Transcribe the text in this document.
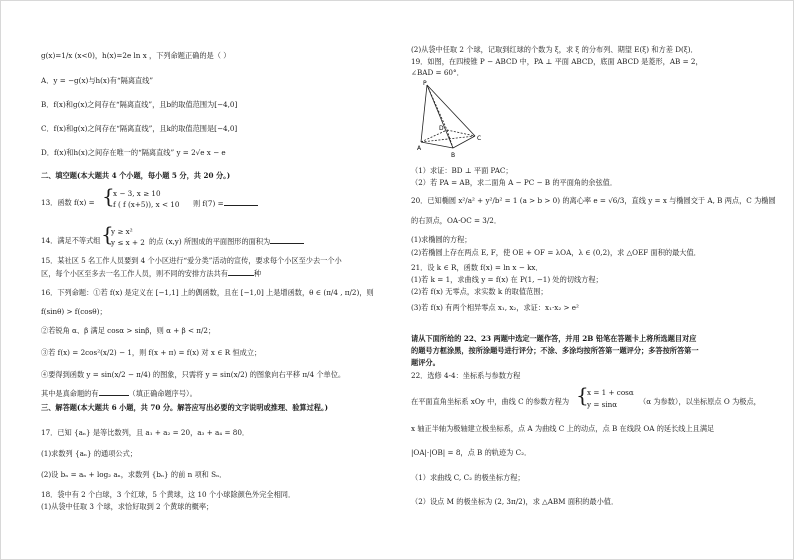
g(x)=1/x (x<0)，h(x)=2e ln x ，下列命题正确的是（ ）
A．y = −g(x)与h(x)有“隔离直线”
B．f(x)和g(x)之间存在“隔离直线”，且b的取值范围为[−4,0]
C．f(x)和g(x)之间存在“隔离直线”，且k的取值范围是[−4,0]
D．f(x)和h(x)之间存在唯一的“隔离直线” y = 2√e x − e
二、填空题(本大题共 4 个小题，每小题 5 分，共 20 分。)
13．函数 f(x) = {
x − 3, x ≥ 10
f ( f (x+5)), x < 10 则 f(7) =
14．满足不等式组 {
y ≥ x²
y ≤ x + 2 的点 (x,y) 所围成的平面图形的面积为
15．某社区 5 名工作人员要到 4 个小区进行“爱分类”活动的宣传，要求每个小区至少去一个小
区，每个小区至多去一名工作人员，则不同的安排方法共有	种
16．下列命题：①若 f(x) 是定义在 [−1,1] 上的偶函数，且在 [−1,0] 上是增函数，θ ∈ (π/4 , π/2)，则
f(sinθ) > f(cosθ)；
②若锐角 α、β 满足 cosα > sinβ，则 α + β < π/2；
③若 f(x) = 2cos²(x/2) − 1，则 f(x + π) = f(x) 对 x ∈ R 恒成立；
④要得到函数 y = sin(x/2 − π/4) 的图象，只需将 y = sin(x/2) 的图象向右平移 π/4 个单位。
其中是真命题的有	（填正确命题序号）。
三、解答题(本大题共 6 小题，共 70 分。解答应写出必要的文字说明或推理、验算过程。)
17．已知 {aₙ} 是等比数列，且 a₁ + a₂ = 20，a₃ + a₄ = 80．
(1)求数列 {aₙ} 的通项公式；
(2)设 bₙ = aₙ + log₂ aₙ，求数列 {bₙ} 的前 n 项和 Sₙ．
18．袋中有 2 个白球，3 个红球，5 个黄球，这 10 个小球除颜色外完全相同．
(1)从袋中任取 3 个球，求恰好取到 2 个黄球的概率；
(2)从袋中任取 2 个球，记取到红球的个数为 ξ，求 ξ 的分布列、期望 E(ξ) 和方差 D(ξ)．
19．如图，在四棱锥 P − ABCD 中，PA ⊥ 平面 ABCD，底面 ABCD 是菱形，AB = 2，
∠BAD = 60°．
P
A
B
C
D
（1）求证：BD ⊥ 平面 PAC；
（2）若 PA = AB，求二面角 A − PC − B 的平面角的余弦值．
20．已知椭圆 x²/a² + y²/b² = 1 (a > b > 0) 的离心率 e = √6/3，直线 y = x 与椭圆交于 A, B 两点，C 为椭圆
的右顶点，OA·OC = 3/2．
(1)求椭圆的方程；
(2)若椭圆上存在两点 E, F，使 OE + OF = λOA，λ ∈ (0,2)，求 △OEF 面积的最大值．
21．设 k ∈ R，函数 f(x) = ln x − kx．
(1)若 k = 1，求曲线 y = f(x) 在 P(1, −1) 处的切线方程；
(2)若 f(x) 无零点，求实数 k 的取值范围；
(3)若 f(x) 有两个相异零点 x₁, x₂，求证：x₁·x₂ > e²
请从下面所给的 22、23 两题中选定一题作答，并用 2B 铅笔在答题卡上将所选题目对应
的题号方框涂黑，按所涂题号进行评分；不涂、多涂均按所答第一题评分；多答按所答第一
题评分。
22．选修 4-4：坐标系与参数方程
在平面直角坐标系 xOy 中，曲线 C 的参数方程为 {
x = 1 + cosα
y = sinα	（α 为参数），以坐标原点 O 为极点，
x 轴正半轴为极轴建立极坐标系，点 A 为曲线 C 上的动点，点 B 在线段 OA 的延长线上且满足
|OA|·|OB| = 8，点 B 的轨迹为 C₂．
（1）求曲线 C, C₂ 的极坐标方程；
（2）设点 M 的极坐标为 (2, 3π/2)，求 △ABM 面积的最小值．
